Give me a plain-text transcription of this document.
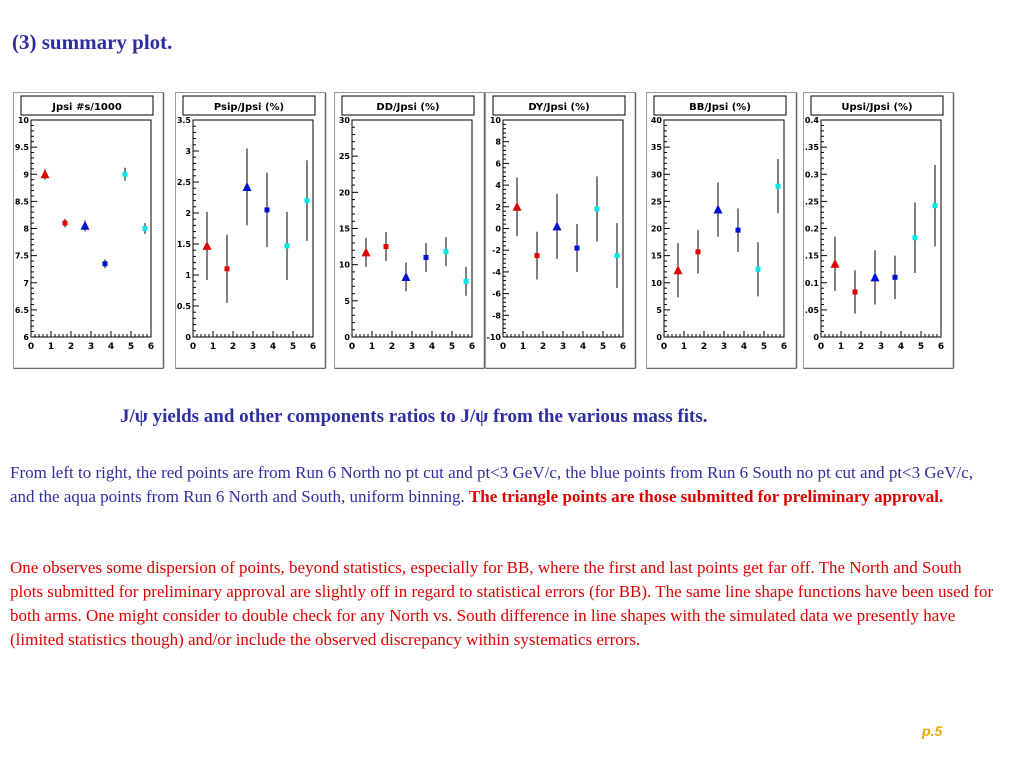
(3) summary plot.
Jpsi #s/1000
6
6.5
7
7.5
8
8.5
9
9.5
10
0 1 2 3 4 5 6
Psip/Jpsi (%)
0
0.5
1
1.5
2
2.5
3
3.5
0 1 2 3 4 5 6
DD/Jpsi (%)
0
5
10
15
20
25
30
0 1 2 3 4 5 6
DY/Jpsi (%)
-10
-8
-6
-4
-2
0
2
4
6
8
10
0 1 2 3 4 5 6
BB/Jpsi (%)
0
5
10
15
20
25
30
35
40
0 1 2 3 4 5 6
Upsi/Jpsi (%)
0
.05
0.1
.15
0.2
.25
0.3
.35
0.4
0 1 2 3 4 5 6
J/ψ yields and other components ratios to J/ψ from the various mass fits.
From left to right, the red points are from Run 6 North no pt cut and pt<3 GeV/c, the blue points from Run 6 South no pt cut and pt<3 GeV/c, and the aqua points from Run 6 North and South, uniform binning. The triangle points are those submitted for preliminary approval.
One observes some dispersion of points, beyond statistics, especially for BB, where the first and last points get far off. The North and South plots submitted for preliminary approval are slightly off in regard to statistical errors (for BB). The same line shape functions have been used for both arms. One might consider to double check for any North vs. South difference in line shapes with the simulated data we presently have (limited statistics though) and/or include the observed discrepancy within systematics errors.
p.5
